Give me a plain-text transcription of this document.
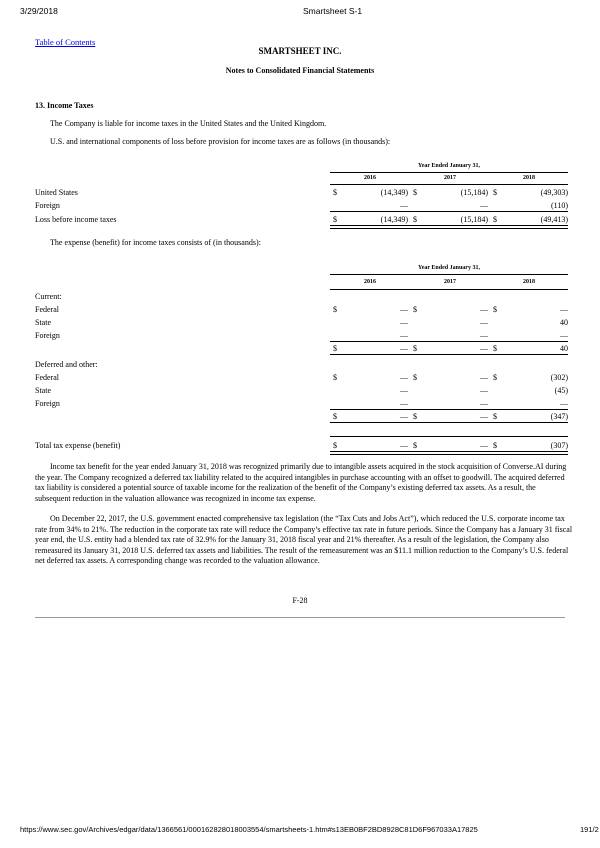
3/29/2018	Smartsheet S-1
Table of Contents
SMARTSHEET INC.
Notes to Consolidated Financial Statements
13. Income Taxes
The Company is liable for income taxes in the United States and the United Kingdom.
U.S. and international components of loss before provision for income taxes are as follows (in thousands):
Year Ended January 31,
2016	2017	2018
United States	$	(14,349) $	(15,184) $	(49,303)
Foreign	—	—	(110)
Loss before income taxes	$	(14,349) $	(15,184) $	(49,413)
The expense (benefit) for income taxes consists of (in thousands):
Year Ended January 31,
2016	2017	2018
Current:
Federal	$	— $	— $	—
State	—	—	40
Foreign	—	—	—
$	— $	— $	40
Deferred and other:
Federal	$	— $	— $	(302)
State	—	—	(45)
Foreign	—	—	—
$	— $	— $	(347)
Total tax expense (benefit)	$	— $	— $	(307)
Income tax benefit for the year ended January 31, 2018 was recognized primarily due to intangible assets acquired in the stock acquisition of Converse.AI during the year. The Company recognized a deferred tax liability related to the acquired intangibles in purchase accounting with an offset to goodwill. The acquired deferred tax liability is considered a potential source of taxable income for the realization of the benefit of the Company’s existing deferred tax assets. As a result, the subsequent reduction in the valuation allowance was recognized in income tax expense.
On December 22, 2017, the U.S. government enacted comprehensive tax legislation (the “Tax Cuts and Jobs Act”), which reduced the U.S. corporate income tax rate from 34% to 21%. The reduction in the corporate tax rate will reduce the Company’s effective tax rate in future periods. Since the Company has a January 31 fiscal year end, the U.S. entity had a blended tax rate of 32.9% for the January 31, 2018 fiscal year and 21% thereafter. As a result of the legislation, the Company also remeasured its January 31, 2018 U.S. deferred tax assets and liabilities. The result of the remeasurement was an $11.1 million reduction to the Company’s U.S. federal net deferred tax assets. A corresponding change was recorded to the valuation allowance.
F-28
https://www.sec.gov/Archives/edgar/data/1366561/000162828018003554/smartsheets-1.htm#s13EB0BF2BD8928C81D6F967033A17825	191/2
